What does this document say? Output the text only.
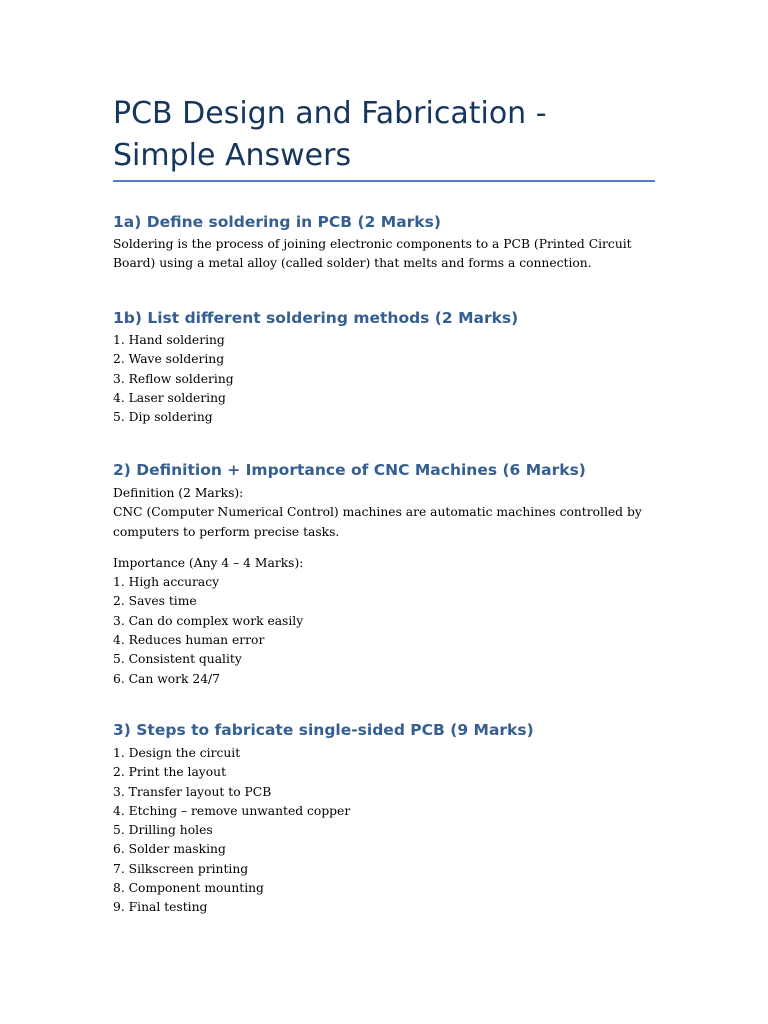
PCB Design and Fabrication - Simple Answers
1a) Define soldering in PCB (2 Marks)

Soldering is the process of joining electronic components to a PCB (Printed Circuit Board) using a metal alloy (called solder) that melts and forms a connection.

1b) List different soldering methods (2 Marks)

1. Hand soldering

2. Wave soldering

3. Reflow soldering

4. Laser soldering

5. Dip soldering

2) Definition + Importance of CNC Machines (6 Marks)

Definition (2 Marks):

CNC (Computer Numerical Control) machines are automatic machines controlled by computers to perform precise tasks.

Importance (Any 4 – 4 Marks):

1. High accuracy

2. Saves time

3. Can do complex work easily

4. Reduces human error

5. Consistent quality

6. Can work 24/7

3) Steps to fabricate single-sided PCB (9 Marks)

1. Design the circuit

2. Print the layout

3. Transfer layout to PCB

4. Etching – remove unwanted copper

5. Drilling holes

6. Solder masking

7. Silkscreen printing

8. Component mounting

9. Final testing
